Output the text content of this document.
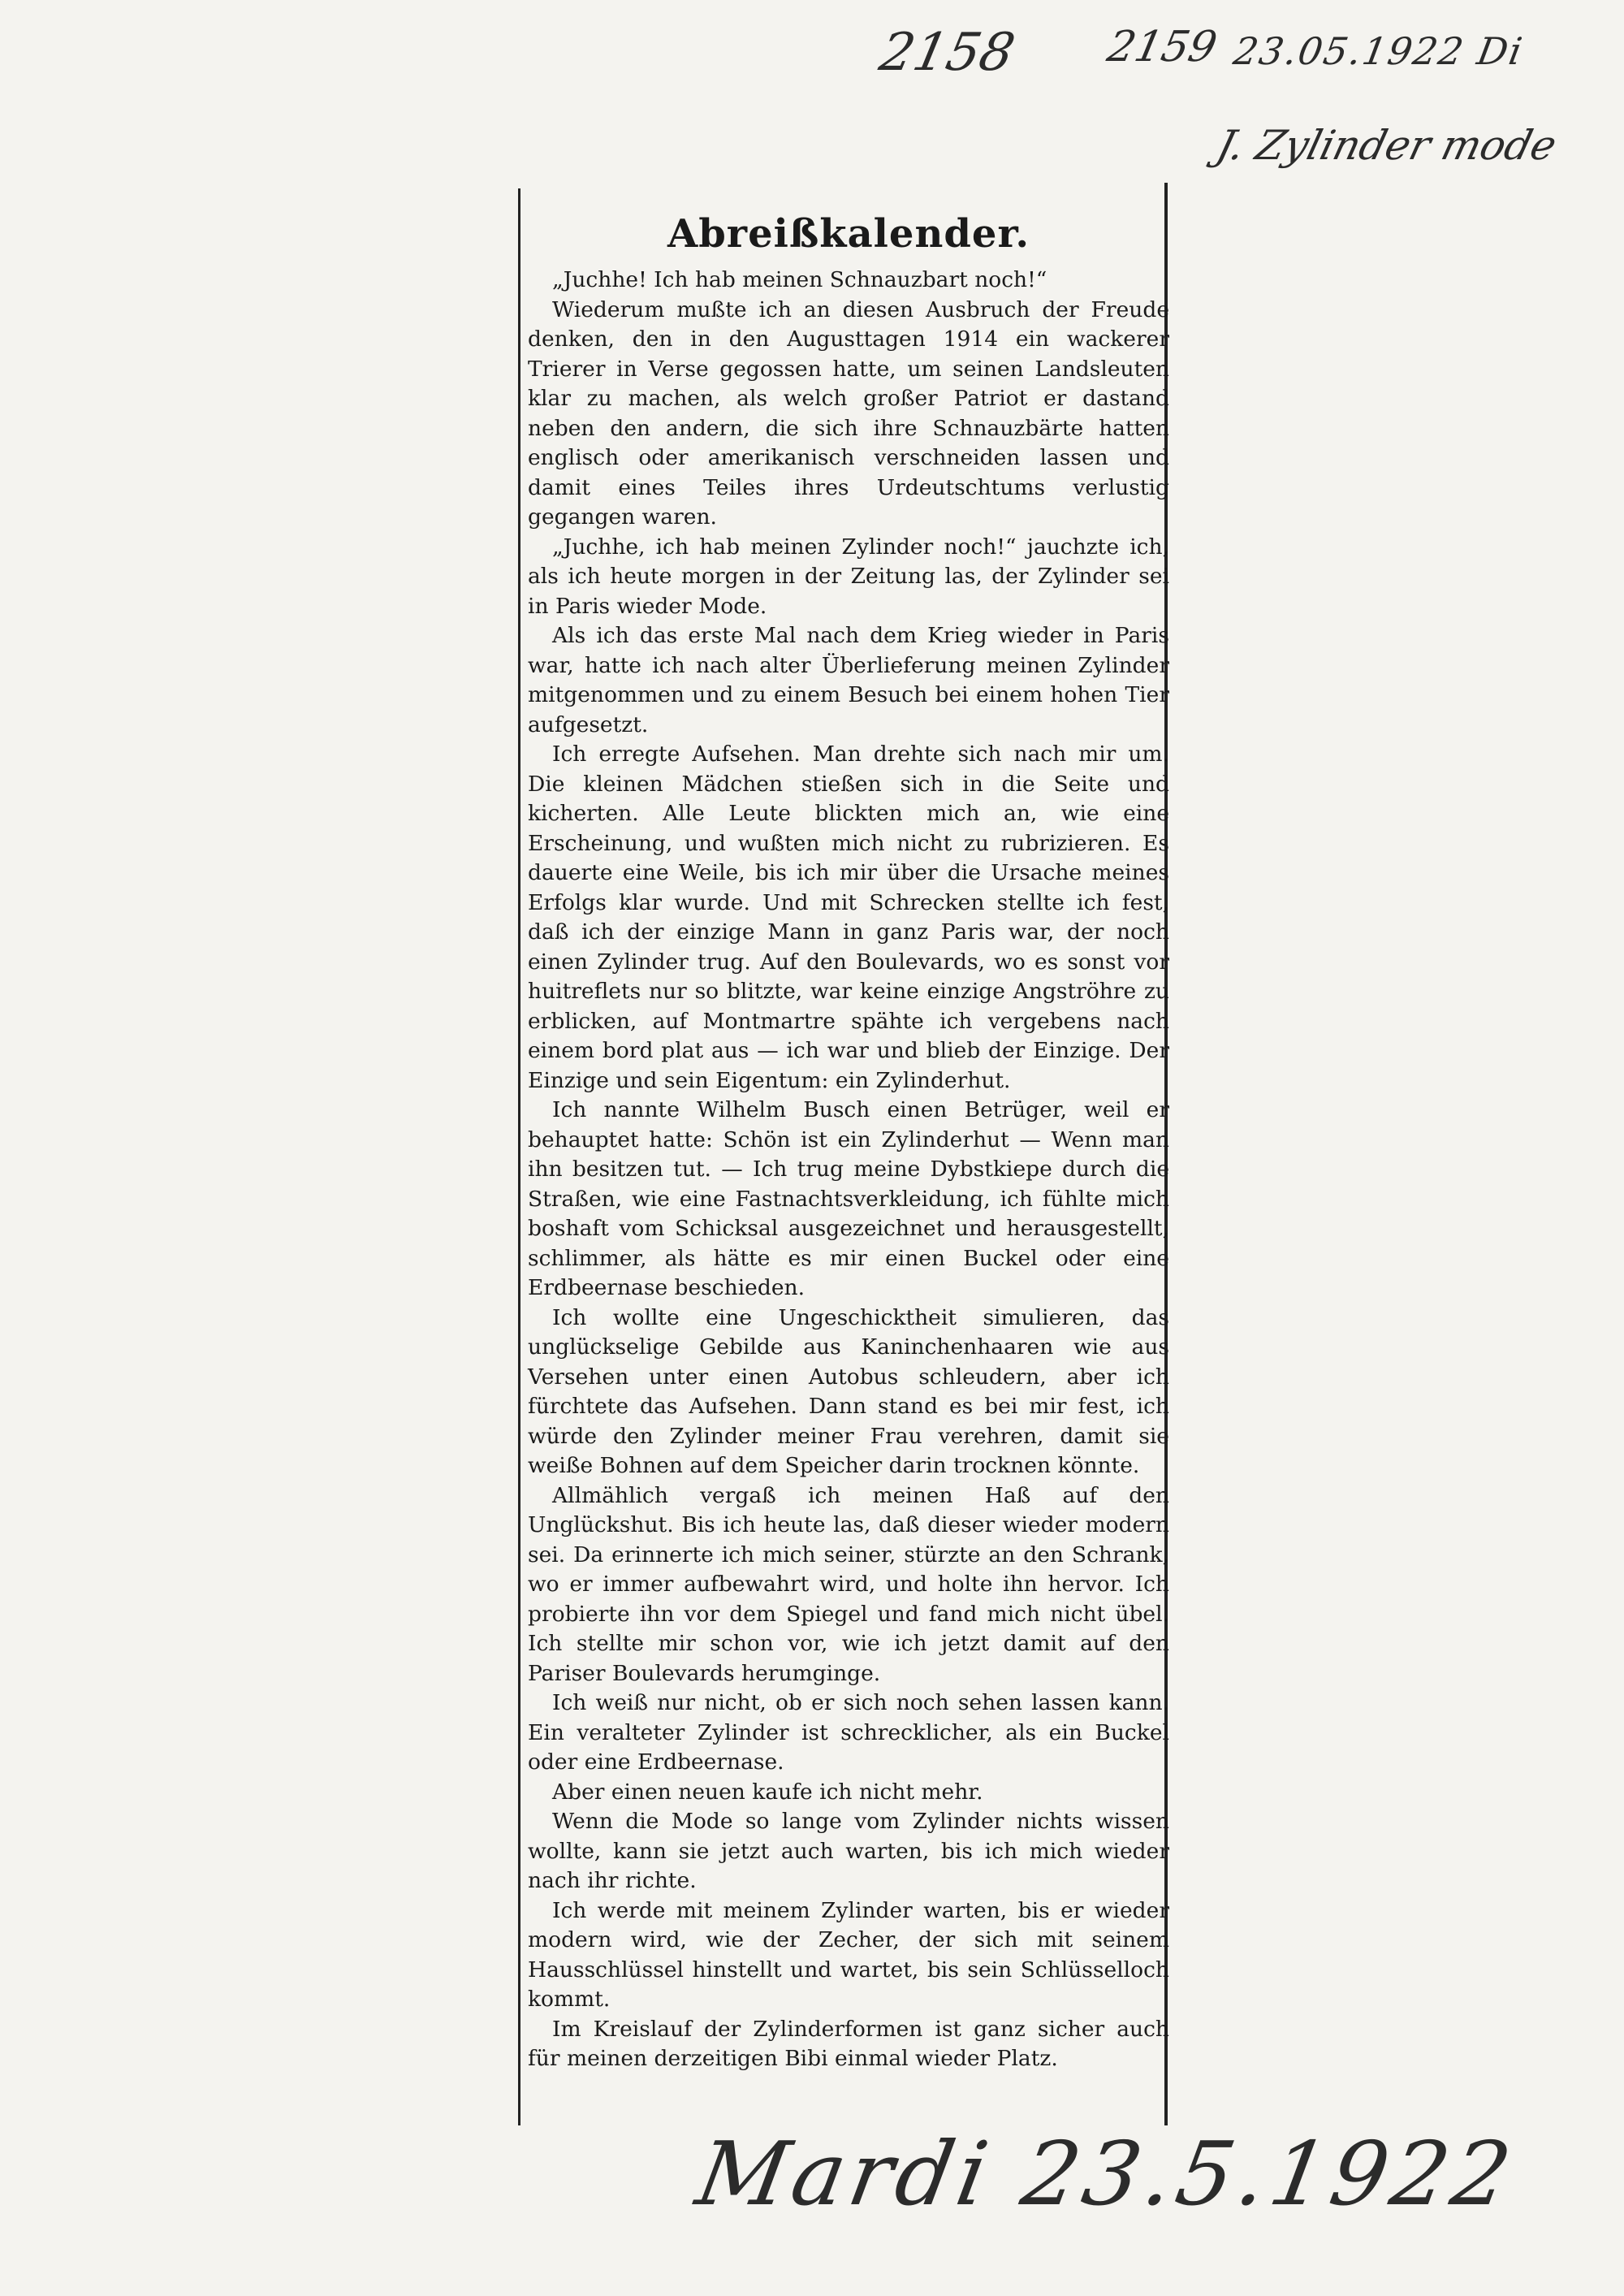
2158 2159 23.05.1922 Di
J. Zylinder mode
Abreißkalender.

„Juchhe! Ich hab meinen Schnauzbart noch!“

Wiederum mußte ich an diesen Ausbruch der Freude denken, den in den Augusttagen 1914 ein wackerer Trierer in Verse gegossen hatte, um seinen Landsleuten klar zu machen, als welch großer Patriot er dastand neben den andern, die sich ihre Schnauzbärte hatten englisch oder amerikanisch verschneiden lassen und damit eines Teiles ihres Urdeutschtums verlustig gegangen waren.

„Juchhe, ich hab meinen Zylinder noch!“ jauchzte ich, als ich heute morgen in der Zeitung las, der Zylinder sei in Paris wieder Mode.

Als ich das erste Mal nach dem Krieg wieder in Paris war, hatte ich nach alter Überlieferung meinen Zylinder mitgenommen und zu einem Besuch bei einem hohen Tier aufgesetzt.

Ich erregte Aufsehen. Man drehte sich nach mir um. Die kleinen Mädchen stießen sich in die Seite und kicherten. Alle Leute blickten mich an, wie eine Erscheinung, und wußten mich nicht zu rubrizieren. Es dauerte eine Weile, bis ich mir über die Ursache meines Erfolgs klar wurde. Und mit Schrecken stellte ich fest, daß ich der einzige Mann in ganz Paris war, der noch einen Zylinder trug. Auf den Boulevards, wo es sonst vor huitreflets nur so blitzte, war keine einzige Angströhre zu erblicken, auf Montmartre spähte ich vergebens nach einem bord plat aus — ich war und blieb der Einzige. Der Einzige und sein Eigentum: ein Zylinderhut.

Ich nannte Wilhelm Busch einen Betrüger, weil er behauptet hatte: Schön ist ein Zylinderhut — Wenn man ihn besitzen tut. — Ich trug meine Dybstkiepe durch die Straßen, wie eine Fastnachtsverkleidung, ich fühlte mich boshaft vom Schicksal ausgezeichnet und herausgestellt, schlimmer, als hätte es mir einen Buckel oder eine Erdbeernase beschieden.

Ich wollte eine Ungeschicktheit simulieren, das unglückselige Gebilde aus Kaninchenhaaren wie aus Versehen unter einen Autobus schleudern, aber ich fürchtete das Aufsehen. Dann stand es bei mir fest, ich würde den Zylinder meiner Frau verehren, damit sie weiße Bohnen auf dem Speicher darin trocknen könnte.

Allmählich vergaß ich meinen Haß auf den Unglückshut. Bis ich heute las, daß dieser wieder modern sei. Da erinnerte ich mich seiner, stürzte an den Schrank, wo er immer aufbewahrt wird, und holte ihn hervor. Ich probierte ihn vor dem Spiegel und fand mich nicht übel. Ich stellte mir schon vor, wie ich jetzt damit auf den Pariser Boulevards herumginge.

Ich weiß nur nicht, ob er sich noch sehen lassen kann. Ein veralteter Zylinder ist schrecklicher, als ein Buckel oder eine Erdbeernase.

Aber einen neuen kaufe ich nicht mehr.

Wenn die Mode so lange vom Zylinder nichts wissen wollte, kann sie jetzt auch warten, bis ich mich wieder nach ihr richte.

Ich werde mit meinem Zylinder warten, bis er wieder modern wird, wie der Zecher, der sich mit seinem Hausschlüssel hinstellt und wartet, bis sein Schlüsselloch kommt.

Im Kreislauf der Zylinderformen ist ganz sicher auch für meinen derzeitigen Bibi einmal wieder Platz.

Mardi 23.5.1922
